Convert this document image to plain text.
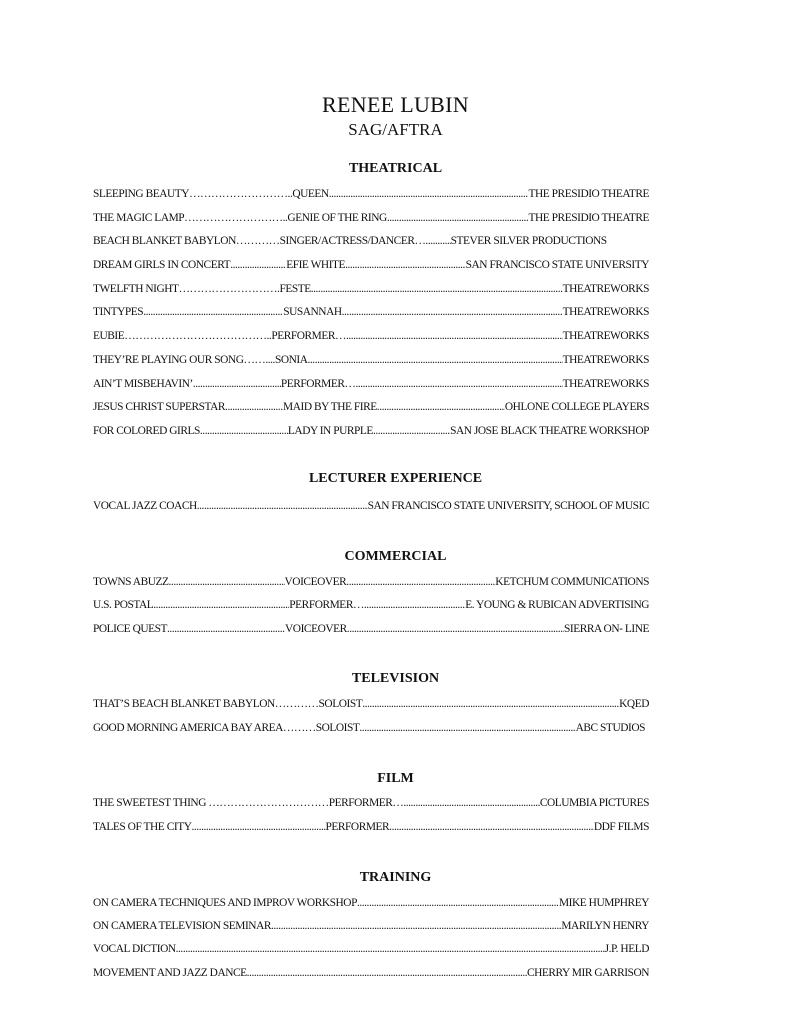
RENEE LUBIN
SAG/AFTRA
THEATRICAL
SLEEPING BEAUTY……………………….. QUEEN .....	THE PRESIDIO THEATRE
THE MAGIC LAMP……………………….. GENIE OF THE RING .....	THE PRESIDIO THEATRE
BEACH BLANKET BABYLON………… SINGER/ACTRESS/DANCER…........ ..... STEVER SILVER PRODUCTIONS
DREAM GIRLS IN CONCERT .....	EFIE WHITE .....	SAN FRANCISCO STATE UNIVERSITY
TWELFTH NIGHT………………………. FESTE .....	THEATREWORKS
TINTYPES .....	SUSANNAH .....	THEATREWORKS
EUBIE………………………………….. PERFORMER… .....	THEATREWORKS
THEY’RE PLAYING OUR SONG…….... SONIA .....	THEATREWORKS
AIN’T MISBEHAVIN’ .....	PERFORMER… .....	THEATREWORKS
JESUS CHRIST SUPERSTAR .....	MAID BY THE FIRE .....	OHLONE COLLEGE PLAYERS
FOR COLORED GIRLS .....	LADY IN PURPLE .....	SAN JOSE BLACK THEATRE WORKSHOP
LECTURER EXPERIENCE
VOCAL JAZZ COACH .....	SAN FRANCISCO STATE UNIVERSITY, SCHOOL OF MUSIC
COMMERCIAL
TOWNS ABUZZ .....	VOICEOVER. .....	KETCHUM COMMUNICATIONS
U.S. POSTAL .....	PERFORMER… .....	E. YOUNG & RUBICAN ADVERTISING
POLICE QUEST .....	VOICEOVER .....	SIERRA ON- LINE
TELEVISION
THAT’S BEACH BLANKET BABYLON………… SOLOIST .....	KQED
GOOD MORNING AMERICA BAY AREA……… SOLOIST .....	ABC STUDIOS
FILM
THE SWEETEST THING …………………………… PERFORMER… .....	COLUMBIA PICTURES
TALES OF THE CITY .....	PERFORMER. .....	DDF FILMS
TRAINING
ON CAMERA TECHNIQUES AND IMPROV WORKSHOP .....	MIKE HUMPHREY
ON CAMERA TELEVISION SEMINAR. .....	MARILYN HENRY
VOCAL DICTION .....	J.P. HELD
MOVEMENT AND JAZZ DANCE .....	CHERRY MIR GARRISON
